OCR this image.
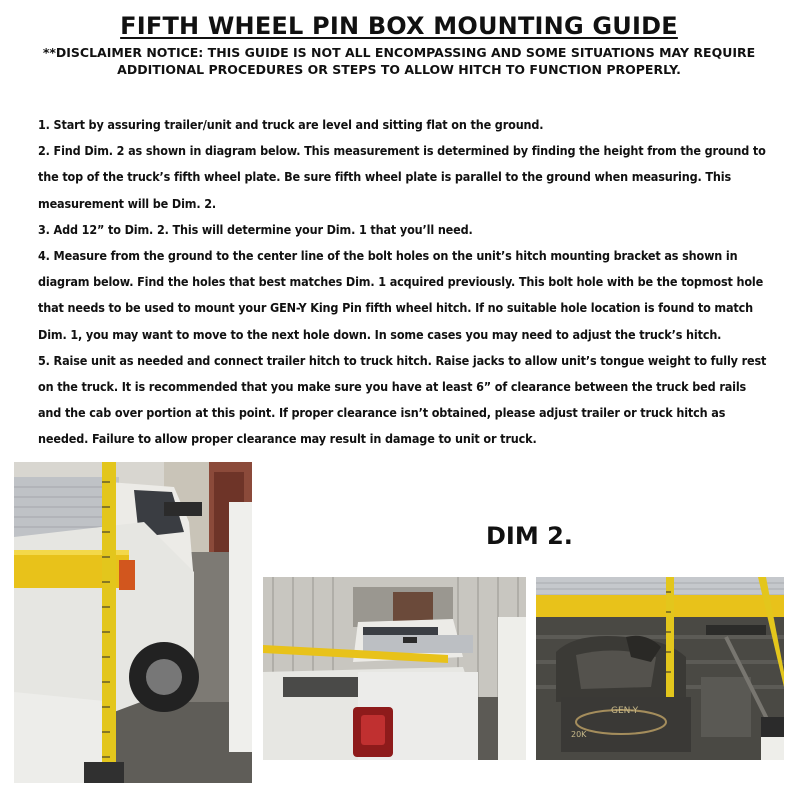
FIFTH WHEEL PIN BOX MOUNTING GUIDE
**DISCLAIMER NOTICE: THIS GUIDE IS NOT ALL ENCOMPASSING AND SOME SITUATIONS MAY REQUIRE ADDITIONAL PROCEDURES OR STEPS TO ALLOW HITCH TO FUNCTION PROPERLY.

1. Start by assuring trailer/unit and truck are level and sitting flat on the ground.

2. Find Dim. 2 as shown in diagram below. This measurement is determined by finding the height from the ground to the top of the truck’s fifth wheel plate. Be sure fifth wheel plate is parallel to the ground when measuring. This measurement will be Dim. 2.

3. Add 12” to Dim. 2. This will determine your Dim. 1 that you’ll need.

4. Measure from the ground to the center line of the bolt holes on the unit’s hitch mounting bracket as shown in diagram below. Find the holes that best matches Dim. 1 acquired previously. This bolt hole with be the topmost hole that needs to be used to mount your GEN-Y King Pin fifth wheel hitch. If no suitable hole location is found to match Dim. 1, you may want to move to the next hole down. In some cases you may need to adjust the truck’s hitch.

5. Raise unit as needed and connect trailer hitch to truck hitch. Raise jacks to allow unit’s tongue weight to fully rest on the truck. It is recommended that you make sure you have at least 6” of clearance between the truck bed rails and the cab over portion at this point. If proper clearance isn’t obtained, please adjust trailer or truck hitch as needed. Failure to allow proper clearance may result in damage to unit or truck.

DIM 2.
GEN-Y
20K
